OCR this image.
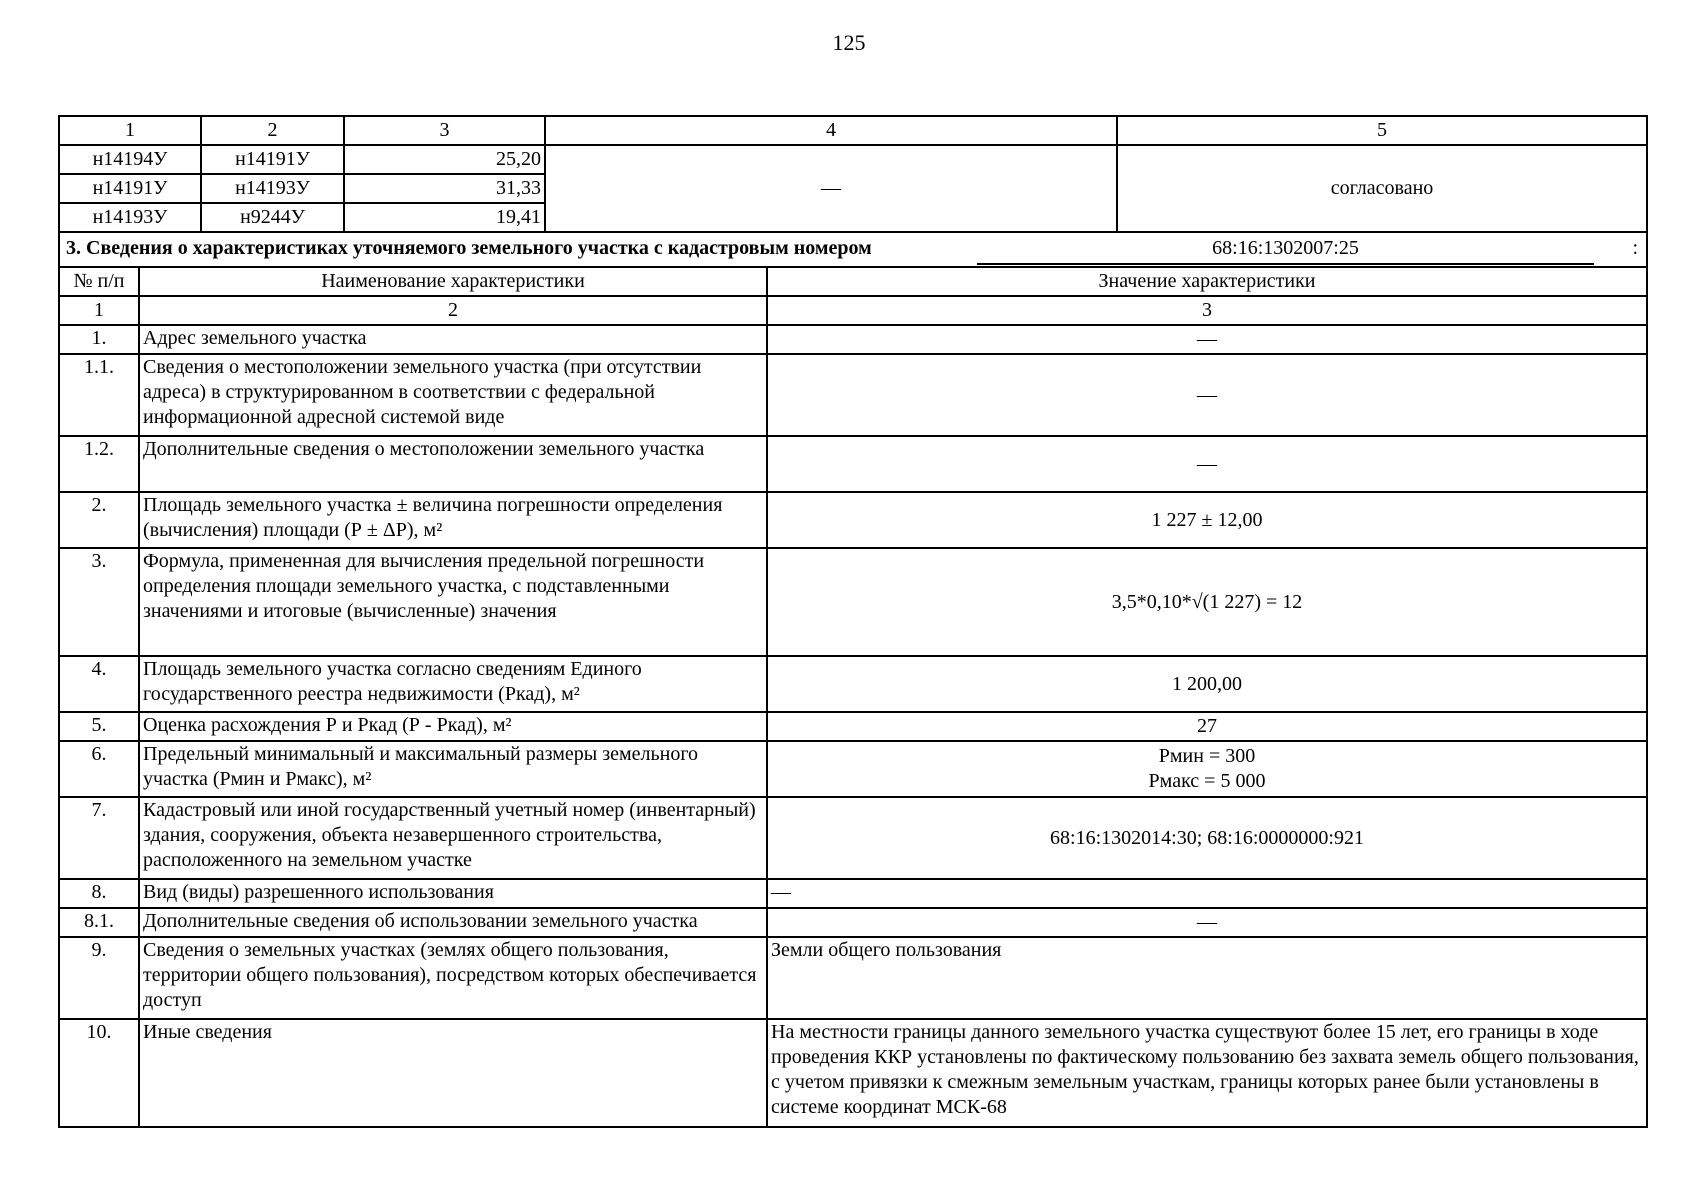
125
1	2	3	4	5
н14194У	н14191У	25,20	—	согласовано
н14191У	н14193У	31,33		
н14193У	н9244У	19,41		

3. Сведения о характеристиках уточняемого земельного участка с кадастровым номером 68:16:1302007:25 :				
№ п/п	Наименование характеристики	Значение характеристики
1	2	3
1.	Адрес земельного участка	—
1.1.	Сведения о местоположении земельного участка (при отсутствии адреса) в структурированном в соответствии с федеральной информационной адресной системой виде	—
1.2.	Дополнительные сведения о местоположении земельного участка	—
2.	Площадь земельного участка ± величина погрешности определения (вычисления) площади (Р ± ΔР), м²	1 227 ± 12,00
3.	Формула, примененная для вычисления предельной погрешности определения площади земельного участка, с подставленными значениями и итоговые (вычисленные) значения	3,5*0,10*√(1 227) = 12
4.	Площадь земельного участка согласно сведениям Единого государственного реестра недвижимости (Ркад), м²	1 200,00
5.	Оценка расхождения Р и Ркад (Р - Ркад), м²	27
6.	Предельный минимальный и максимальный размеры земельного участка (Рмин и Рмакс), м²	Рмин = 300
Рмакс = 5 000

7.	Кадастровый или иной государственный учетный номер (инвентарный) здания, сооружения, объекта незавершенного строительства, расположенного на земельном участке	68:16:1302014:30; 68:16:0000000:921
8.	Вид (виды) разрешенного использования	—
8.1.	Дополнительные сведения об использовании земельного участка	—
9.	Сведения о земельных участках (землях общего пользования, территории общего пользования), посредством которых обеспечивается доступ	Земли общего пользования
10.	Иные сведения	На местности границы данного земельного участка существуют более 15 лет, его границы в ходе проведения ККР установлены по фактическому пользованию без захвата земель общего пользования, с учетом привязки к смежным земельным участкам, границы которых ранее были установлены в системе координат МСК-68
